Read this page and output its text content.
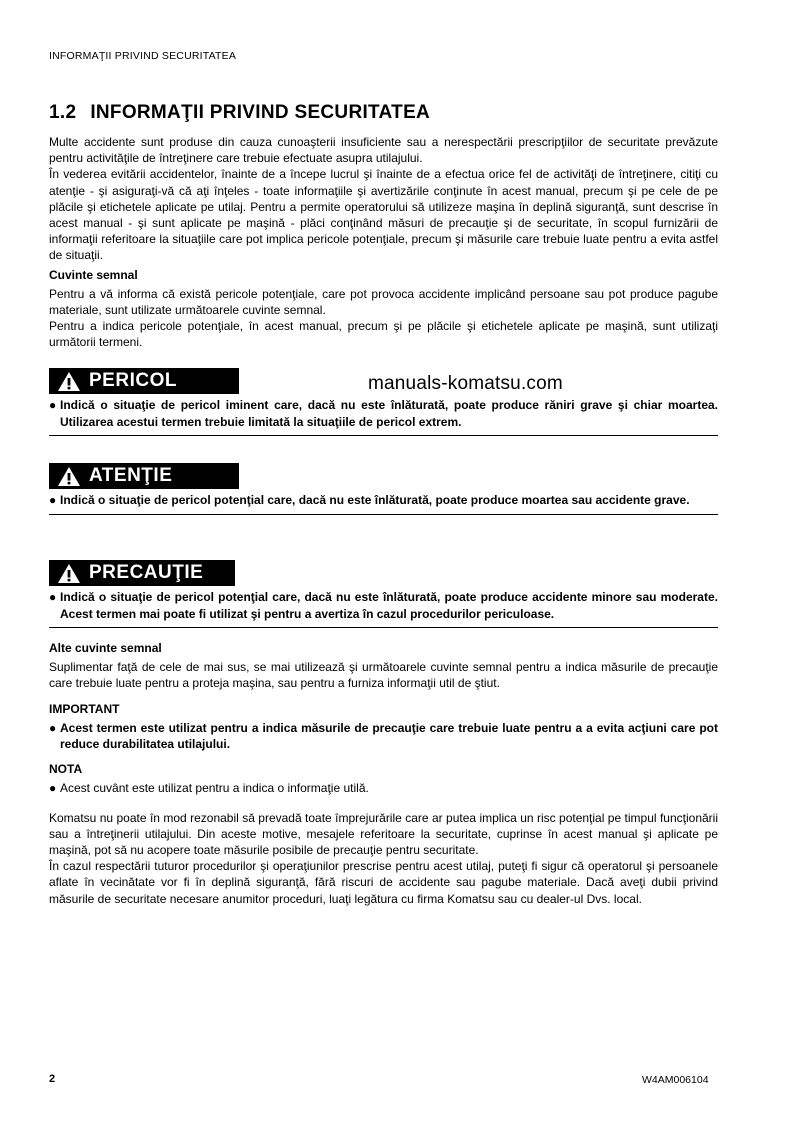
INFORMAŢII PRIVIND SECURITATEA
1.2 INFORMAŢII PRIVIND SECURITATEA

Multe accidente sunt produse din cauza cunoaşterii insuficiente sau a nerespectării prescripţiilor de securitate prevăzute pentru activităţile de întreţinere care trebuie efectuate asupra utilajului.

În vederea evitării accidentelor, înainte de a începe lucrul şi înainte de a efectua orice fel de activităţi de întreţinere, citiţi cu atenţie - şi asiguraţi-vă că aţi înţeles - toate informaţiile şi avertizările conţinute în acest manual, precum şi pe cele de pe plăcile şi etichetele aplicate pe utilaj. Pentru a permite operatorului să utilizeze maşina în deplină siguranţă, sunt descrise în acest manual - şi sunt aplicate pe maşină - plăci conţinând măsuri de precauţie şi de securitate, în scopul furnizării de informaţii referitoare la situaţiile care pot implica pericole potenţiale, precum şi măsurile care trebuie luate pentru a evita astfel de situaţii.

Cuvinte semnal

Pentru a vă informa că există pericole potenţiale, care pot provoca accidente implicând persoane sau pot produce pagube materiale, sunt utilizate următoarele cuvinte semnal.

Pentru a indica pericole potenţiale, în acest manual, precum şi pe plăcile şi etichetele aplicate pe maşină, sunt utilizaţi următorii termeni.

manuals-komatsu.com
PERICOL
● Indică o situaţie de pericol iminent care, dacă nu este înlăturată, poate produce răniri grave şi chiar moartea. Utilizarea acestui termen trebuie limitată la situaţiile de pericol extrem.
ATENŢIE
● Indică o situaţie de pericol potenţial care, dacă nu este înlăturată, poate produce moartea sau accidente grave.
PRECAUŢIE
● Indică o situaţie de pericol potenţial care, dacă nu este înlăturată, poate produce accidente minore sau moderate. Acest termen mai poate fi utilizat şi pentru a avertiza în cazul procedurilor periculoase.
Alte cuvinte semnal

Suplimentar faţă de cele de mai sus, se mai utilizează şi următoarele cuvinte semnal pentru a indica măsurile de precauţie care trebuie luate pentru a proteja maşina, sau pentru a furniza informaţii util de ştiut.

IMPORTANT
● Acest termen este utilizat pentru a indica măsurile de precauţie care trebuie luate pentru a a evita acţiuni care pot reduce durabilitatea utilajului.
NOTA
● Acest cuvânt este utilizat pentru a indica o informaţie utilă.

Komatsu nu poate în mod rezonabil să prevadă toate împrejurările care ar putea implica un risc potenţial pe timpul funcţionării sau a întreţinerii utilajului. Din aceste motive, mesajele referitoare la securitate, cuprinse în acest manual şi aplicate pe maşină, pot să nu acopere toate măsurile posibile de precauţie pentru securitate.

În cazul respectării tuturor procedurilor şi operaţiunilor prescrise pentru acest utilaj, puteţi fi sigur că operatorul şi persoanele aflate în vecinătate vor fi în deplină siguranţă, fără riscuri de accidente sau pagube materiale. Dacă aveţi dubii privind măsurile de securitate necesare anumitor proceduri, luaţi legătura cu firma Komatsu sau cu dealer-ul Dvs. local.

2	W4AM006104
